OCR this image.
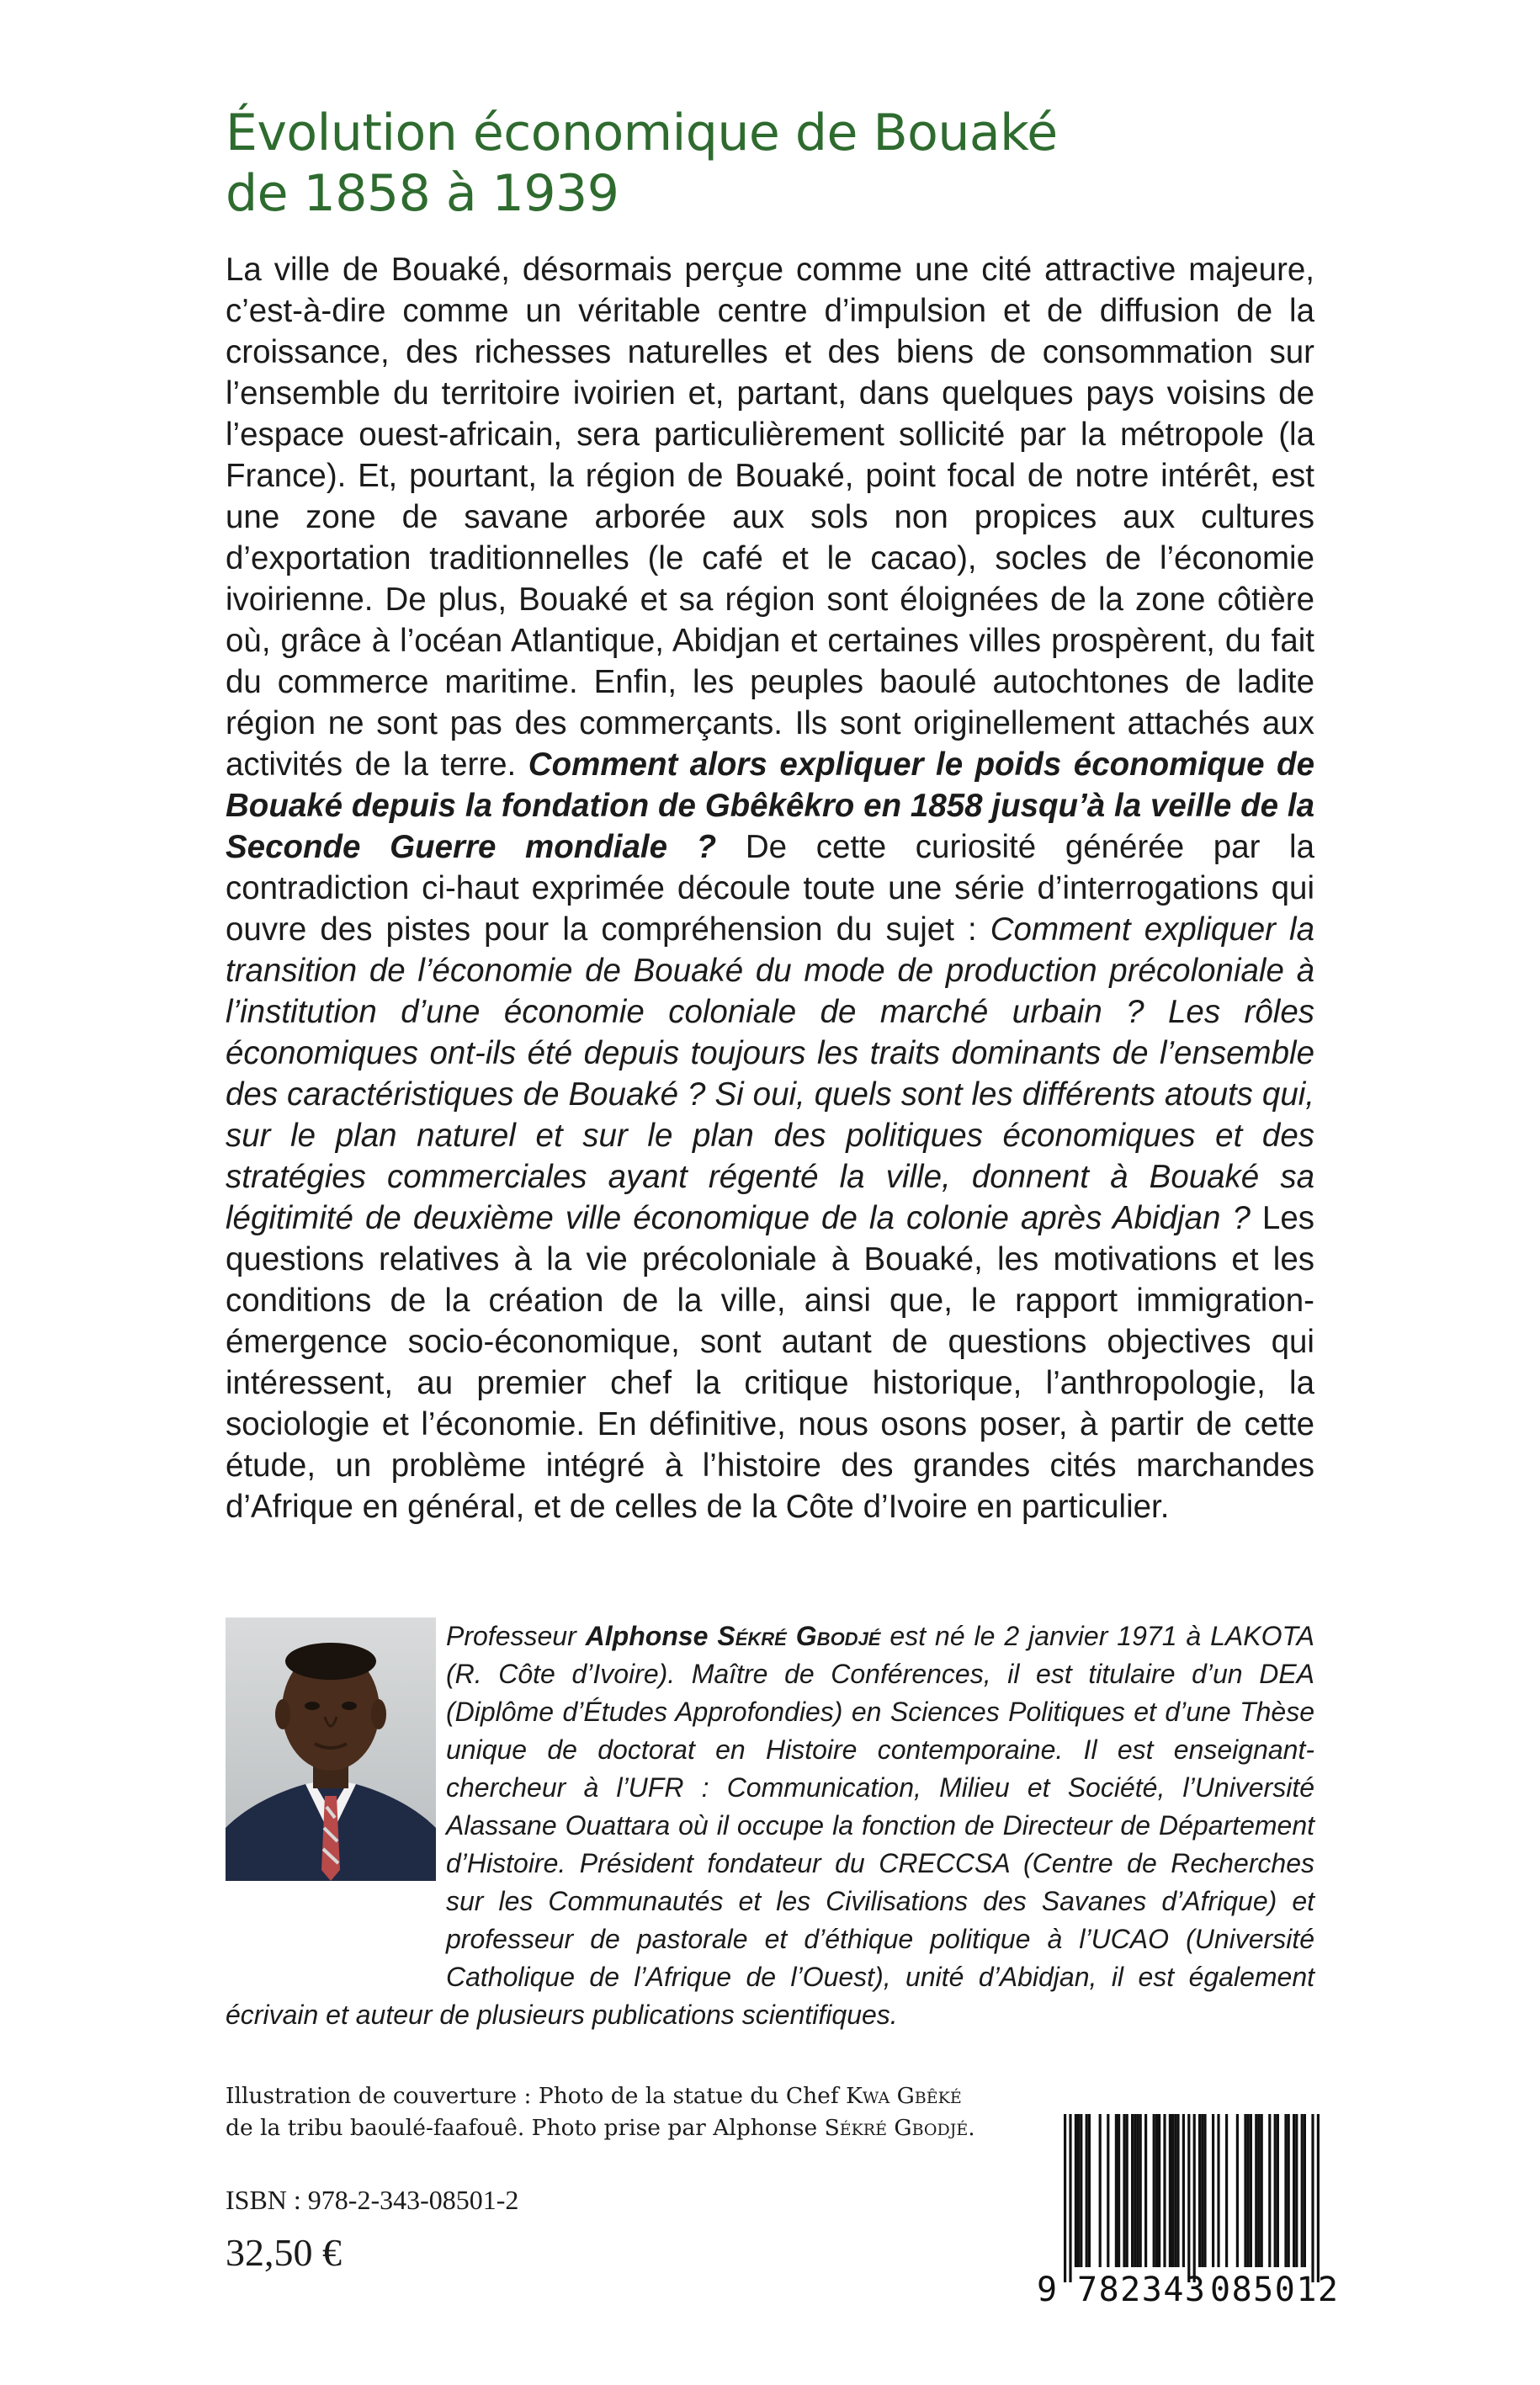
Évolution économique de Bouaké
de 1858 à 1939

La ville de Bouaké, désormais perçue comme une cité attractive majeure, c’est-à-dire comme un véritable centre d’impulsion et de diffusion de la croissance, des richesses naturelles et des biens de consommation sur l’ensemble du territoire ivoirien et, partant, dans quelques pays voisins de l’espace ouest-africain, sera particulièrement sollicité par la métropole (la France). Et, pourtant, la région de Bouaké, point focal de notre intérêt, est une zone de savane arborée aux sols non propices aux cultures d’exportation traditionnelles (le café et le cacao), socles de l’économie ivoirienne. De plus, Bouaké et sa région sont éloignées de la zone côtière où, grâce à l’océan Atlantique, Abidjan et certaines villes prospèrent, du fait du commerce maritime. Enfin, les peuples baoulé autochtones de ladite région ne sont pas des commerçants. Ils sont originellement attachés aux activités de la terre. Comment alors expliquer le poids économique de Bouaké depuis la fondation de Gbêkêkro en 1858 jusqu’à la veille de la Seconde Guerre mondiale ? De cette curiosité générée par la contradiction ci-haut exprimée découle toute une série d’interrogations qui ouvre des pistes pour la compréhension du sujet : Comment expliquer la transition de l’économie de Bouaké du mode de production précoloniale à l’institution d’une économie coloniale de marché urbain ? Les rôles économiques ont-ils été depuis toujours les traits dominants de l’ensemble des caractéristiques de Bouaké ? Si oui, quels sont les différents atouts qui, sur le plan naturel et sur le plan des politiques économiques et des stratégies commerciales ayant régenté la ville, donnent à Bouaké sa légitimité de deuxième ville économique de la colonie après Abidjan ? Les questions relatives à la vie précoloniale à Bouaké, les motivations et les conditions de la création de la ville, ainsi que, le rapport immigration-émergence socio-économique, sont autant de questions objectives qui intéressent, au premier chef la critique historique, l’anthropologie, la sociologie et l’économie. En définitive, nous osons poser, à partir de cette étude, un problème intégré à l’histoire des grandes cités marchandes d’Afrique en général, et de celles de la Côte d’Ivoire en particulier.

Professeur Alphonse Sékré Gbodjé est né le 2 janvier 1971 à LAKOTA (R. Côte d’Ivoire). Maître de Conférences, il est titulaire d’un DEA (Diplôme d’Études Approfondies) en Sciences Politiques et d’une Thèse unique de doctorat en Histoire contemporaine. Il est enseignant-chercheur à l’UFR : Communication, Milieu et Société, l’Université Alassane Ouattara où il occupe la fonction de Directeur de Département d’Histoire. Président fondateur du CRECCSA (Centre de Recherches sur les Communautés et les Civilisations des Savanes d’Afrique) et professeur de pastorale et d’éthique politique à l’UCAO (Université Catholique de l’Afrique de l’Ouest), unité d’Abidjan, il est également écrivain et auteur de plusieurs publications scientifiques.

Illustration de couverture : Photo de la statue du Chef Kwa Gbêké
de la tribu baoulé-faafouê. Photo prise par Alphonse Sékré Gbodjé.

ISBN : 978-2-343-08501-2

32,50 €

9 782343 085012
